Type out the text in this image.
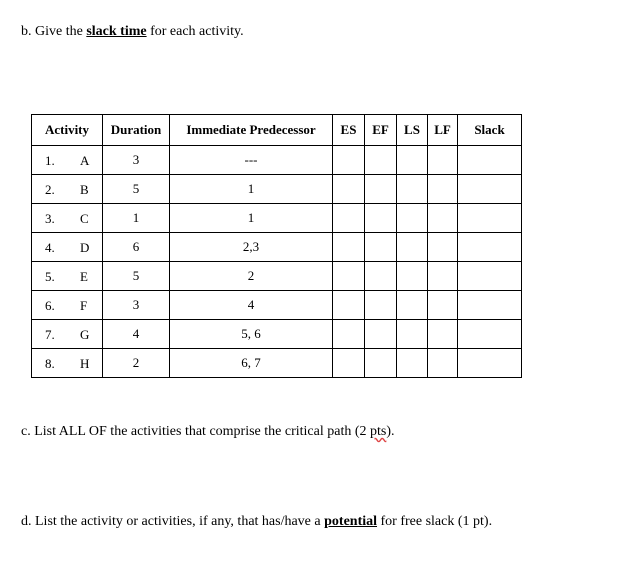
b. Give the slack time for each activity.
Activity	Duration	Immediate Predecessor	ES	EF	LS	LF	Slack

1. A	3	---					

2. B	5	1					

3. C	1	1					

4. D	6	2,3					

5. E	5	2					

6. F	3	4					

7. G	4	5, 6					

8. H	2	6, 7					
c. List ALL OF the activities that comprise the critical path (2 pts).
d. List the activity or activities, if any, that has/have a potential for free slack (1 pt).
